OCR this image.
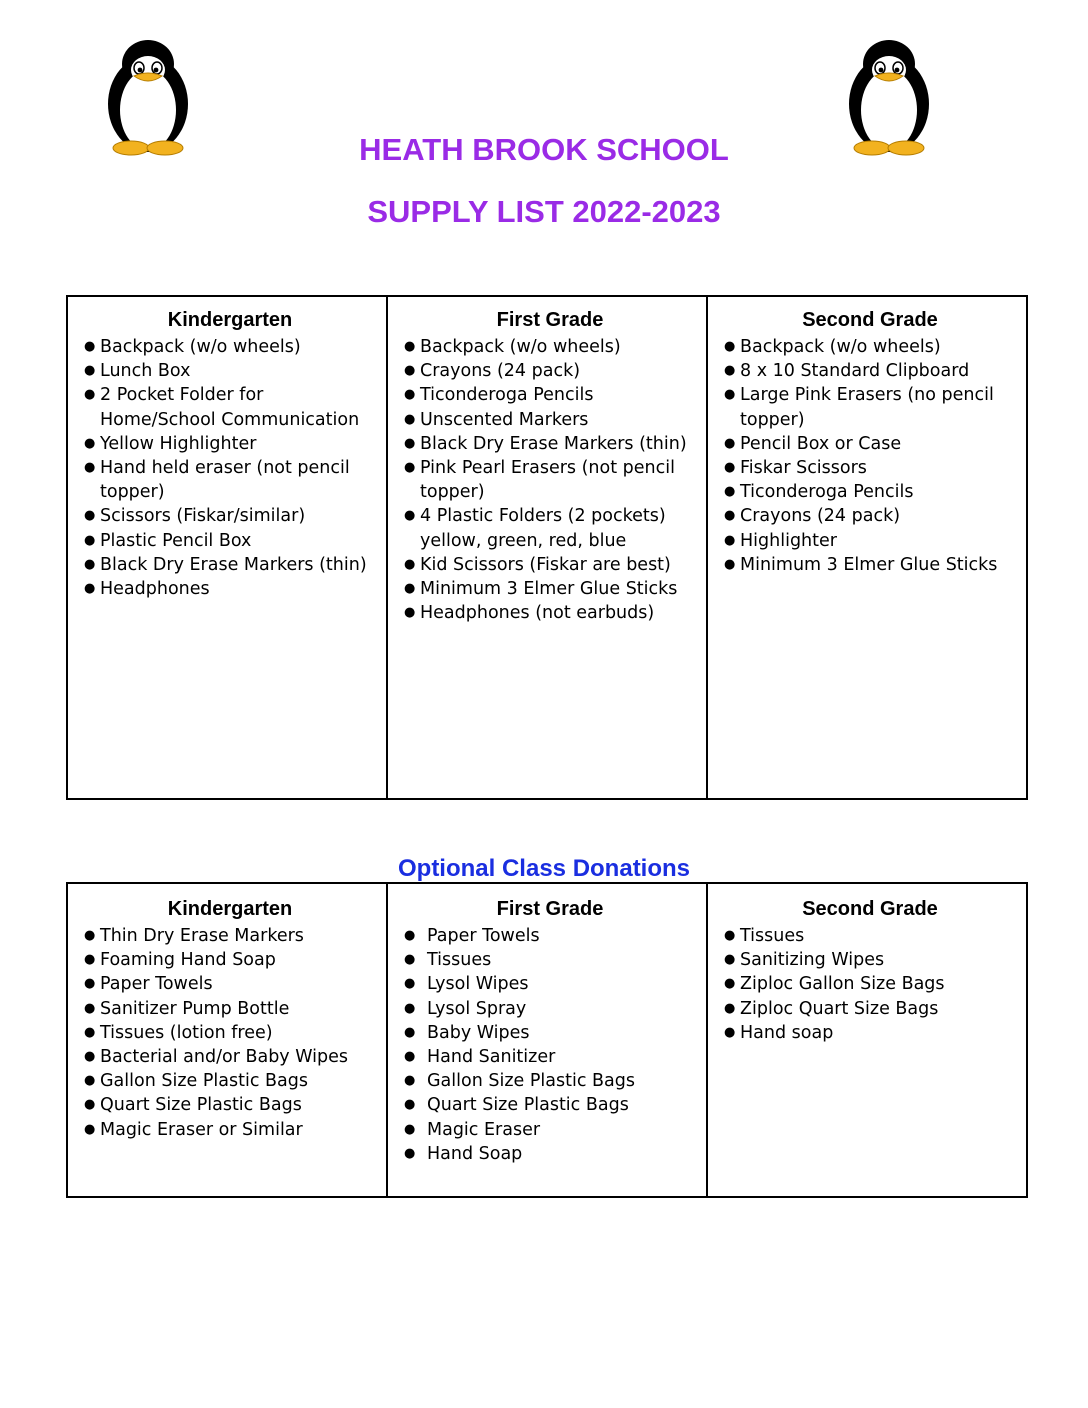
HEATH BROOK SCHOOL
SUPPLY LIST 2022-2023
Kindergarten
● Backpack (w/o wheels)
● Lunch Box
● 2 Pocket Folder for Home/School Communication
● Yellow Highlighter
● Hand held eraser (not pencil topper)
● Scissors (Fiskar/similar)
● Plastic Pencil Box
● Black Dry Erase Markers (thin)
● Headphones

First Grade
● Backpack (w/o wheels)
● Crayons (24 pack)
● Ticonderoga Pencils
● Unscented Markers
● Black Dry Erase Markers (thin)
● Pink Pearl Erasers (not pencil topper)
● 4 Plastic Folders (2 pockets) yellow, green, red, blue
● Kid Scissors (Fiskar are best)
● Minimum 3 Elmer Glue Sticks
● Headphones (not earbuds)

Second Grade
● Backpack (w/o wheels)
● 8 x 10 Standard Clipboard
● Large Pink Erasers (no pencil topper)
● Pencil Box or Case
● Fiskar Scissors
● Ticonderoga Pencils
● Crayons (24 pack)
● Highlighter
● Minimum 3 Elmer Glue Sticks
Optional Class Donations
Kindergarten
● Thin Dry Erase Markers
● Foaming Hand Soap
● Paper Towels
● Sanitizer Pump Bottle
● Tissues (lotion free)
● Bacterial and/or Baby Wipes
● Gallon Size Plastic Bags
● Quart Size Plastic Bags
● Magic Eraser or Similar

First Grade
● Paper Towels
● Tissues
● Lysol Wipes
● Lysol Spray
● Baby Wipes
● Hand Sanitizer
● Gallon Size Plastic Bags
● Quart Size Plastic Bags
● Magic Eraser
● Hand Soap

Second Grade
● Tissues
● Sanitizing Wipes
● Ziploc Gallon Size Bags
● Ziploc Quart Size Bags
● Hand soap
